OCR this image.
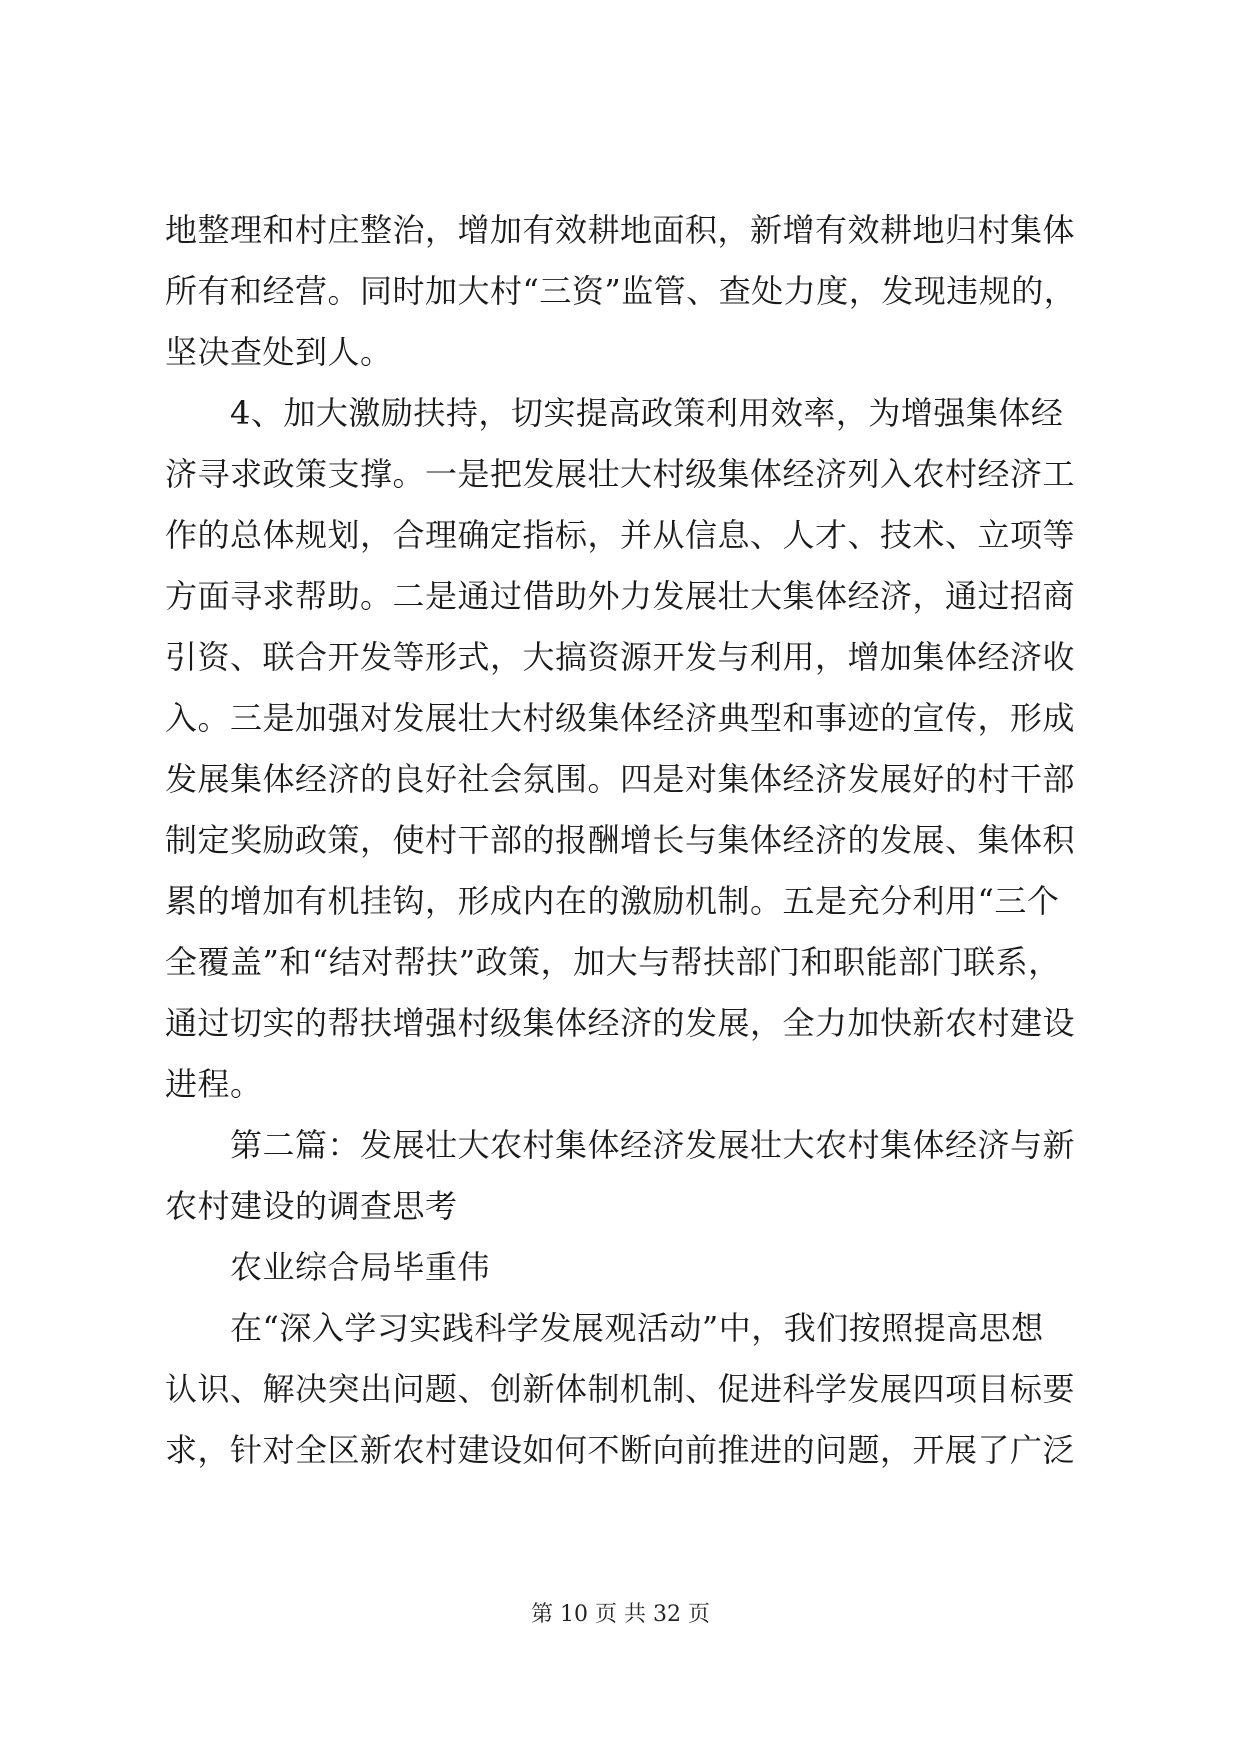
地整理和村庄整治，增加有效耕地面积，新增有效耕地归村集体
所有和经营。同时加大村“三资”监管、查处力度，发现违规的，
坚决查处到人。
4、加大激励扶持，切实提高政策利用效率，为增强集体经
济寻求政策支撑。一是把发展壮大村级集体经济列入农村经济工
作的总体规划，合理确定指标，并从信息、人才、技术、立项等
方面寻求帮助。二是通过借助外力发展壮大集体经济，通过招商
引资、联合开发等形式，大搞资源开发与利用，增加集体经济收
入。三是加强对发展壮大村级集体经济典型和事迹的宣传，形成
发展集体经济的良好社会氛围。四是对集体经济发展好的村干部
制定奖励政策，使村干部的报酬增长与集体经济的发展、集体积
累的增加有机挂钩，形成内在的激励机制。五是充分利用“三个
全覆盖”和“结对帮扶”政策，加大与帮扶部门和职能部门联系，
通过切实的帮扶增强村级集体经济的发展，全力加快新农村建设
进程。
第二篇：发展壮大农村集体经济发展壮大农村集体经济与新
农村建设的调查思考
农业综合局毕重伟
在“深入学习实践科学发展观活动”中，我们按照提高思想
认识、解决突出问题、创新体制机制、促进科学发展四项目标要
求，针对全区新农村建设如何不断向前推进的问题，开展了广泛
第 10 页 共 32 页
